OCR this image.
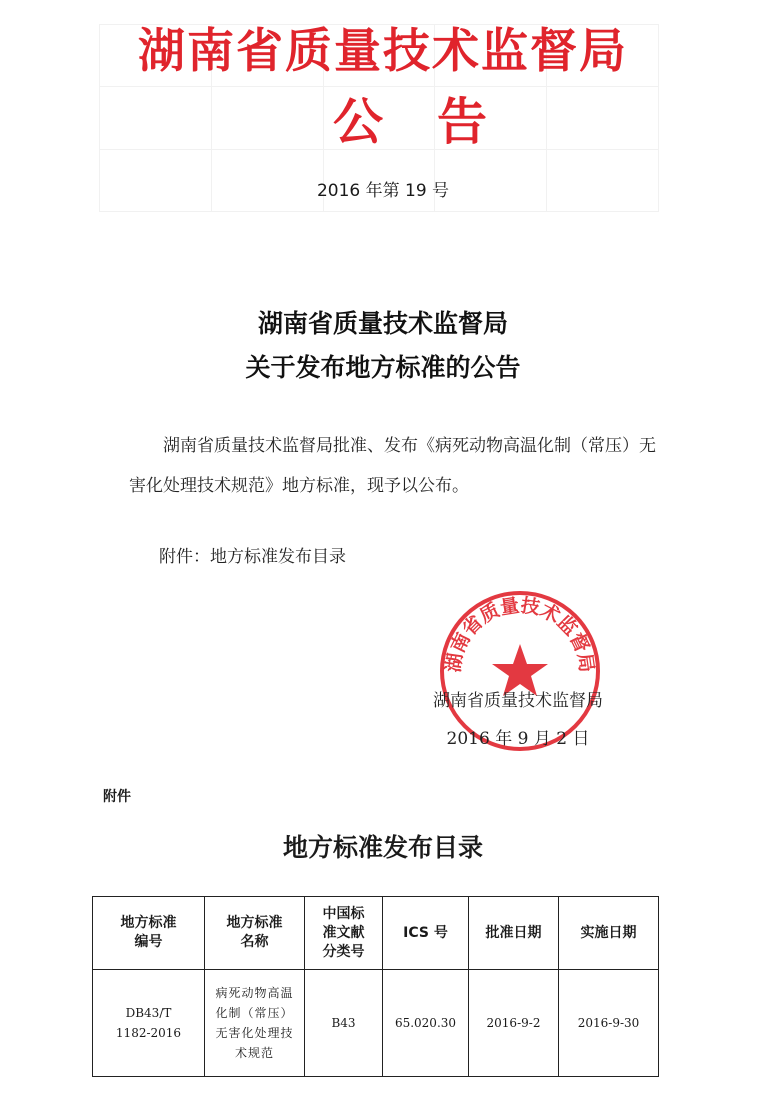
湖南省质量技术监督局
公告
2016 年第 19 号
湖南省质量技术监督局
关于发布地方标准的公告
湖南省质量技术监督局批准、发布《病死动物高温化制（常压）无害化处理技术规范》地方标准，现予以公布。
附件：地方标准发布目录
湖南省质量技术监督局
湖南省质量技术监督局
2016 年 9 月 2 日
附件
地方标准发布目录
地方标准编号	地方标准名称	中国标准文献分类号	ICS 号	批准日期	实施日期

DB43/T 1182-2016	病死动物高温化制（常压）无害化处理技术规范	B43	65.020.30	2016-9-2	2016-9-30
